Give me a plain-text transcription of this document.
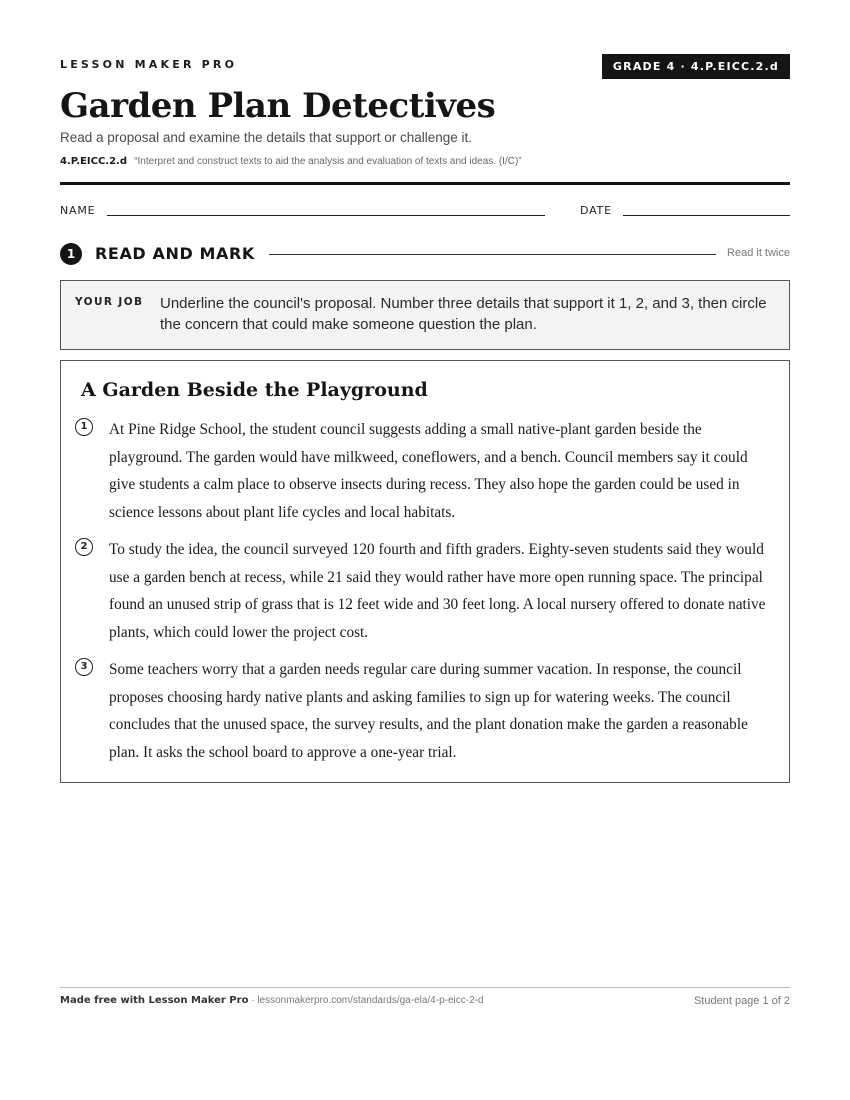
LESSON MAKER PRO	GRADE 4 · 4.P.EICC.2.d
Garden Plan Detectives
Read a proposal and examine the details that support or challenge it.
4.P.EICC.2.d “Interpret and construct texts to aid the analysis and evaluation of texts and ideas. (I/C)”
NAME	DATE
1	READ AND MARK	Read it twice
YOUR JOB Underline the council's proposal. Number three details that support it 1, 2, and 3, then circle the concern that could make someone question the plan.
A Garden Beside the Playground
1	At Pine Ridge School, the student council suggests adding a small native-plant garden beside the playground. The garden would have milkweed, coneflowers, and a bench. Council members say it could give students a calm place to observe insects during recess. They also hope the garden could be used in science lessons about plant life cycles and local habitats.
2	To study the idea, the council surveyed 120 fourth and fifth graders. Eighty-seven students said they would use a garden bench at recess, while 21 said they would rather have more open running space. The principal found an unused strip of grass that is 12 feet wide and 30 feet long. A local nursery offered to donate native plants, which could lower the project cost.
3	Some teachers worry that a garden needs regular care during summer vacation. In response, the council proposes choosing hardy native plants and asking families to sign up for watering weeks. The council concludes that the unused space, the survey results, and the plant donation make the garden a reasonable plan. It asks the school board to approve a one-year trial.
Made free with Lesson Maker Pro · lessonmakerpro.com/standards/ga-ela/4-p-eicc-2-d	Student page 1 of 2
